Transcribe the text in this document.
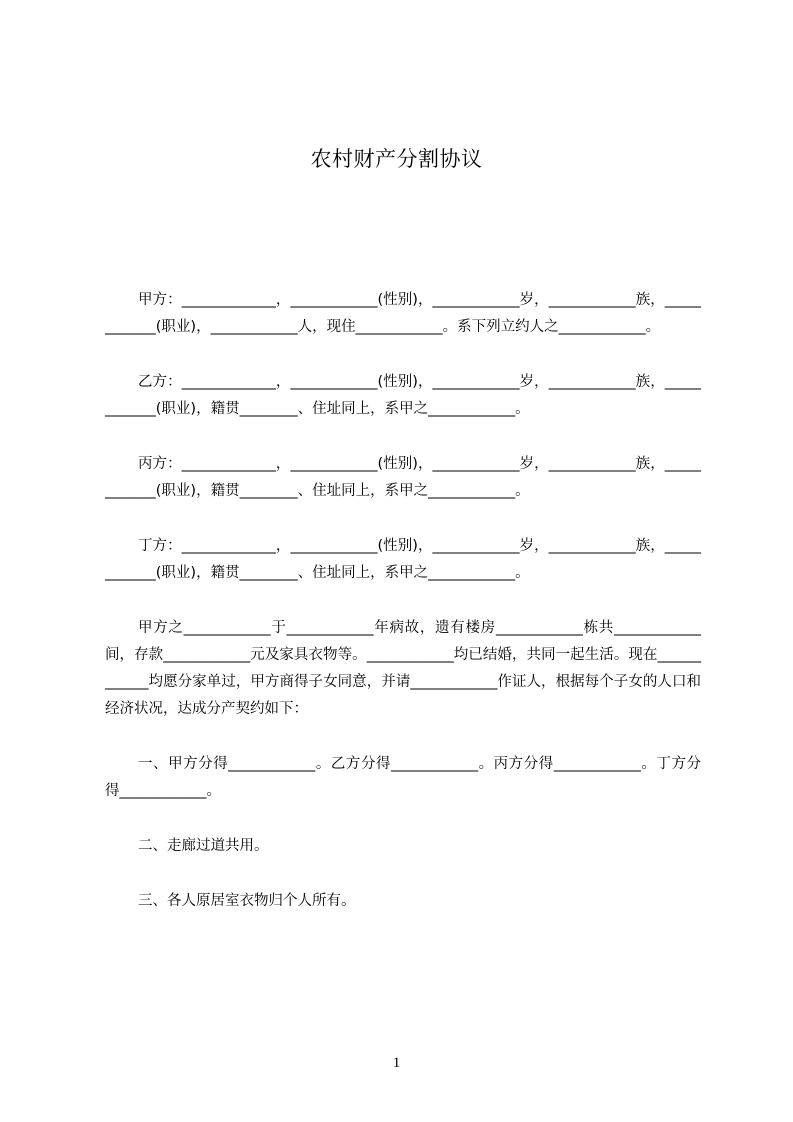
农村财产分割协议

甲方：_____________，____________(性别)，____________岁，____________族，____________(职业)，____________人，现住____________。系下列立约人之____________。

乙方：_____________，____________(性别)，____________岁，____________族，____________(职业)，籍贯________、住址同上，系甲之____________。

丙方：_____________，____________(性别)，____________岁，____________族，____________(职业)，籍贯________、住址同上，系甲之____________。

丁方：_____________，____________(性别)，____________岁，____________族，____________(职业)，籍贯________、住址同上，系甲之____________。

甲方之____________于____________年病故，遗有楼房____________栋共____________间，存款____________元及家具衣物等。____________均已结婚，共同一起生活。现在____________均愿分家单过，甲方商得子女同意，并请____________作证人，根据每个子女的人口和经济状况，达成分产契约如下：

一、甲方分得____________。乙方分得____________。丙方分得____________。丁方分得____________。

二、走廊过道共用。

三、各人原居室衣物归个人所有。

1
